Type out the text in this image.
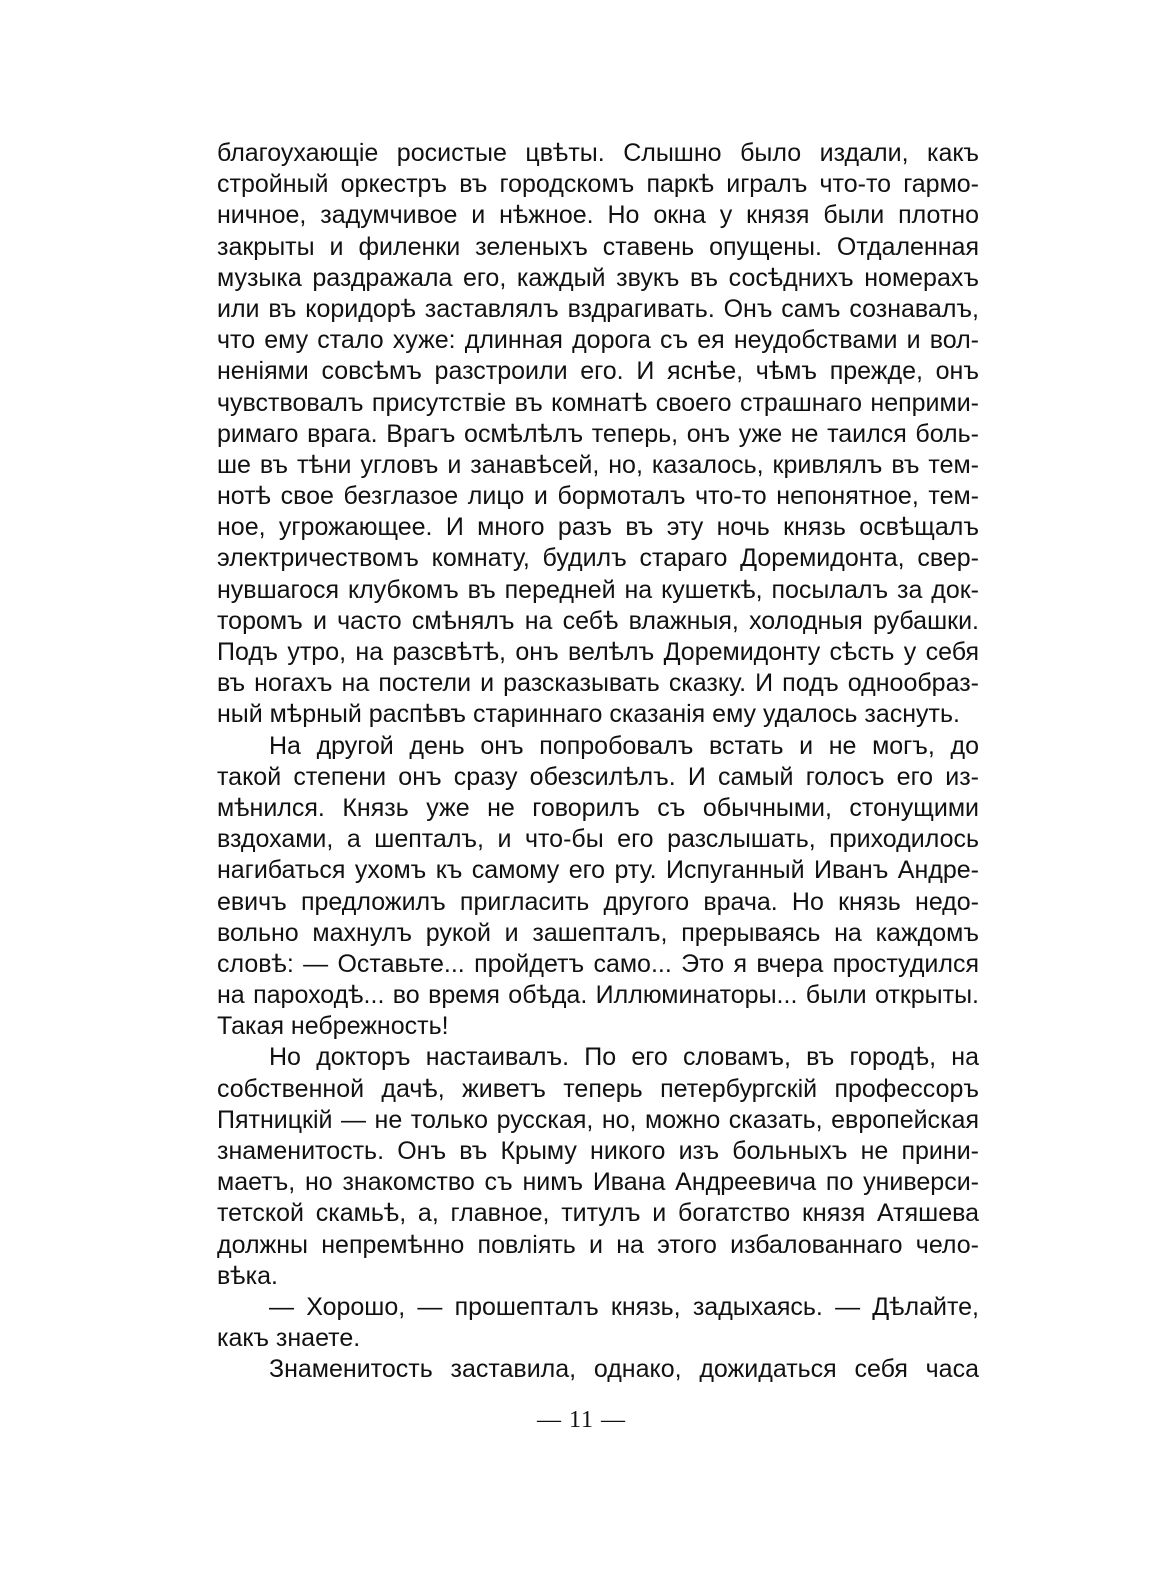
благоухающіе росистые цвѣты. Слышно было издали, какъ
стройный оркестръ въ городскомъ паркѣ игралъ что-то гармо-
ничное, задумчивое и нѣжное. Но окна у князя были плотно
закрыты и филенки зеленыхъ ставень опущены. Отдаленная
музыка раздражала его, каждый звукъ въ сосѣднихъ номерахъ
или въ коридорѣ заставлялъ вздрагивать. Онъ самъ сознавалъ,
что ему стало хуже: длинная дорога съ ея неудобствами и вол-
неніями совсѣмъ разстроили его. И яснѣе, чѣмъ прежде, онъ
чувствовалъ присутствіе въ комнатѣ своего страшнаго неприми-
римаго врага. Врагъ осмѣлѣлъ теперь, онъ уже не таился боль-
ше въ тѣни угловъ и занавѣсей, но, казалось, кривлялъ въ тем-
нотѣ свое безглазое лицо и бормоталъ что-то непонятное, тем-
ное, угрожающее. И много разъ въ эту ночь князь освѣщалъ
электричествомъ комнату, будилъ стараго Доремидонта, свер-
нувшагося клубкомъ въ передней на кушеткѣ, посылалъ за док-
торомъ и часто смѣнялъ на себѣ влажныя, холодныя рубашки.
Подъ утро, на разсвѣтѣ, онъ велѣлъ Доремидонту сѣсть у себя
въ ногахъ на постели и разсказывать сказку. И подъ однообраз-
ный мѣрный распѣвъ стариннаго сказанія ему удалось заснуть.
На другой день онъ попробовалъ встать и не могъ, до
такой степени онъ сразу обезсилѣлъ. И самый голосъ его из-
мѣнился. Князь уже не говорилъ съ обычными, стонущими
вздохами, а шепталъ, и что-бы его разслышать, приходилось
нагибаться ухомъ къ самому его рту. Испуганный Иванъ Андре-
евичъ предложилъ пригласить другого врача. Но князь недо-
вольно махнулъ рукой и зашепталъ, прерываясь на каждомъ
словѣ: — Оставьте... пройдетъ само... Это я вчера простудился
на пароходѣ... во время обѣда. Иллюминаторы... были открыты.
Такая небрежность!
Но докторъ настаивалъ. По его словамъ, въ городѣ, на
собственной дачѣ, живетъ теперь петербургскій профессоръ
Пятницкій — не только русская, но, можно сказать, европейская
знаменитость. Онъ въ Крыму никого изъ больныхъ не прини-
маетъ, но знакомство съ нимъ Ивана Андреевича по универси-
тетской скамьѣ, а, главное, титулъ и богатство князя Атяшева
должны непремѣнно повліять и на этого избалованнаго чело-
вѣка.
— Хорошо, — прошепталъ князь, задыхаясь. — Дѣлайте,
какъ знаете.
Знаменитость заставила, однако, дожидаться себя часа
— 11 —
